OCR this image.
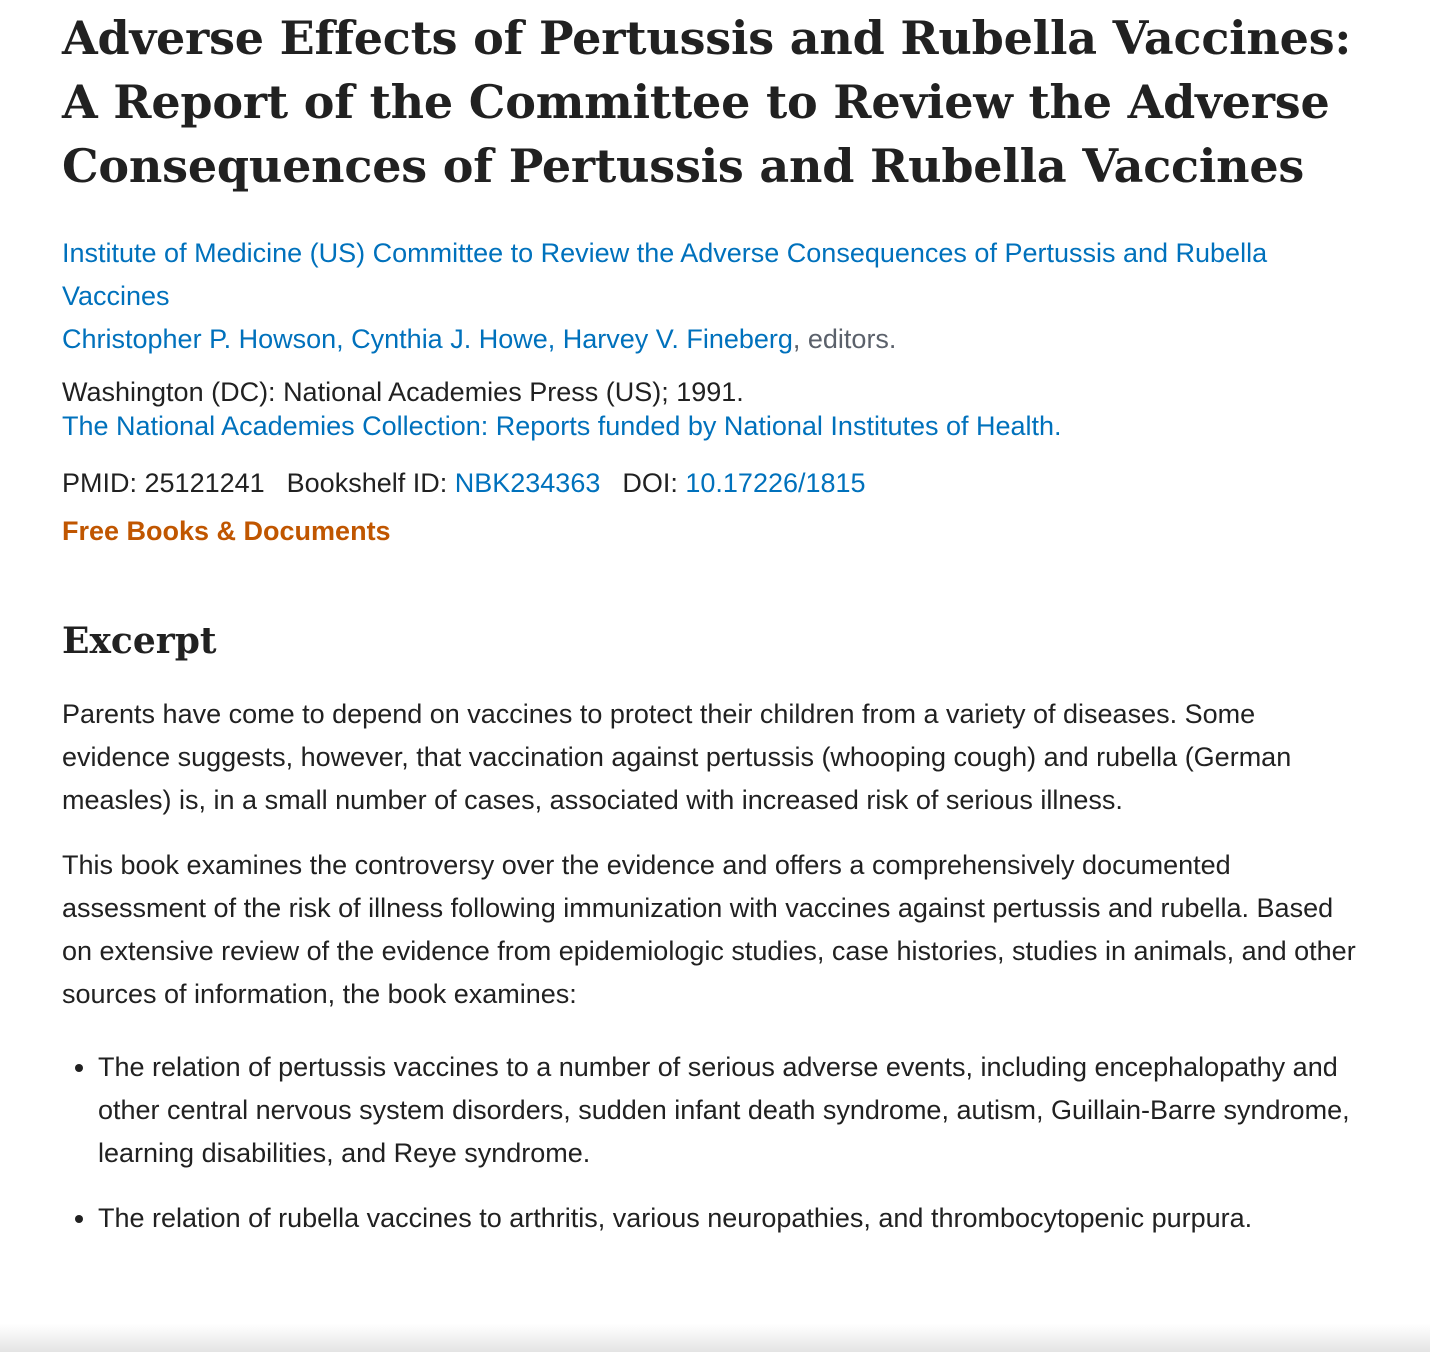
Adverse Effects of Pertussis and Rubella Vaccines: A Report of the Committee to Review the Adverse Consequences of Pertussis and Rubella Vaccines
Institute of Medicine (US) Committee to Review the Adverse Consequences of Pertussis and Rubella Vaccines
Christopher P. Howson, Cynthia J. Howe, Harvey V. Fineberg, editors.
Washington (DC): National Academies Press (US); 1991.
The National Academies Collection: Reports funded by National Institutes of Health.
PMID: 25121241 Bookshelf ID: NBK234363 DOI: 10.17226/1815
Free Books & Documents
Excerpt

Parents have come to depend on vaccines to protect their children from a variety of diseases. Some evidence suggests, however, that vaccination against pertussis (whooping cough) and rubella (German measles) is, in a small number of cases, associated with increased risk of serious illness.

This book examines the controversy over the evidence and offers a comprehensively documented assessment of the risk of illness following immunization with vaccines against pertussis and rubella. Based on extensive review of the evidence from epidemiologic studies, case histories, studies in animals, and other sources of information, the book examines:

• The relation of pertussis vaccines to a number of serious adverse events, including encephalopathy and other central nervous system disorders, sudden infant death syndrome, autism, Guillain-Barre syndrome, learning disabilities, and Reye syndrome.
• The relation of rubella vaccines to arthritis, various neuropathies, and thrombocytopenic purpura.
